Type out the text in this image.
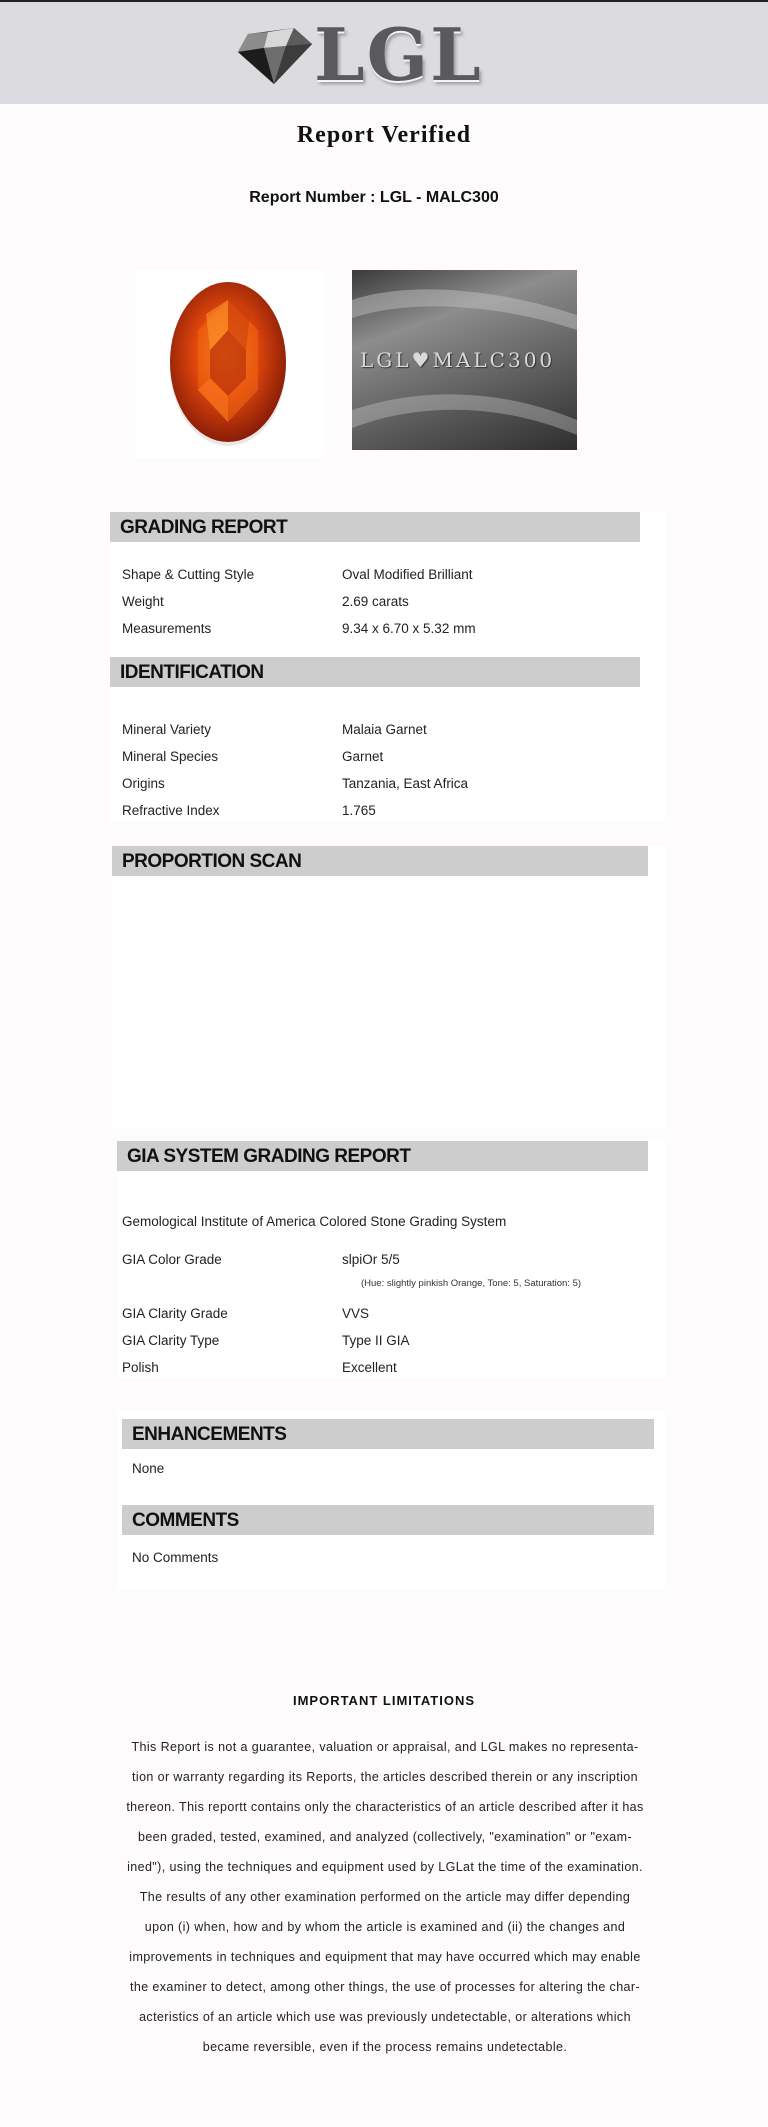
LGL
Report Verified
Report Number : LGL - MALC300
LGL♥MALC300
GRADING REPORT
Shape & Cutting Style	Oval Modified Brilliant
Weight	2.69 carats
Measurements	9.34 x 6.70 x 5.32 mm
IDENTIFICATION
Mineral Variety	Malaia Garnet
Mineral Species	Garnet
Origins	Tanzania, East Africa
Refractive Index	1.765
PROPORTION SCAN
GIA SYSTEM GRADING REPORT
Gemological Institute of America Colored Stone Grading System
GIA Color Grade	slpiOr 5/5
(Hue: slightly pinkish Orange, Tone: 5, Saturation: 5)
GIA Clarity Grade	VVS
GIA Clarity Type	Type II GIA
Polish	Excellent
ENHANCEMENTS
None
COMMENTS
No Comments
IMPORTANT LIMITATIONS
This Report is not a guarantee, valuation or appraisal, and LGL makes no representa-
tion or warranty regarding its Reports, the articles described therein or any inscription
thereon. This reportt contains only the characteristics of an article described after it has
been graded, tested, examined, and analyzed (collectively, "examination" or "exam-
ined"), using the techniques and equipment used by LGLat the time of the examination.
The results of any other examination performed on the article may differ depending
upon (i) when, how and by whom the article is examined and (ii) the changes and
improvements in techniques and equipment that may have occurred which may enable
the examiner to detect, among other things, the use of processes for altering the char-
acteristics of an article which use was previously undetectable, or alterations which
became reversible, even if the process remains undetectable.
